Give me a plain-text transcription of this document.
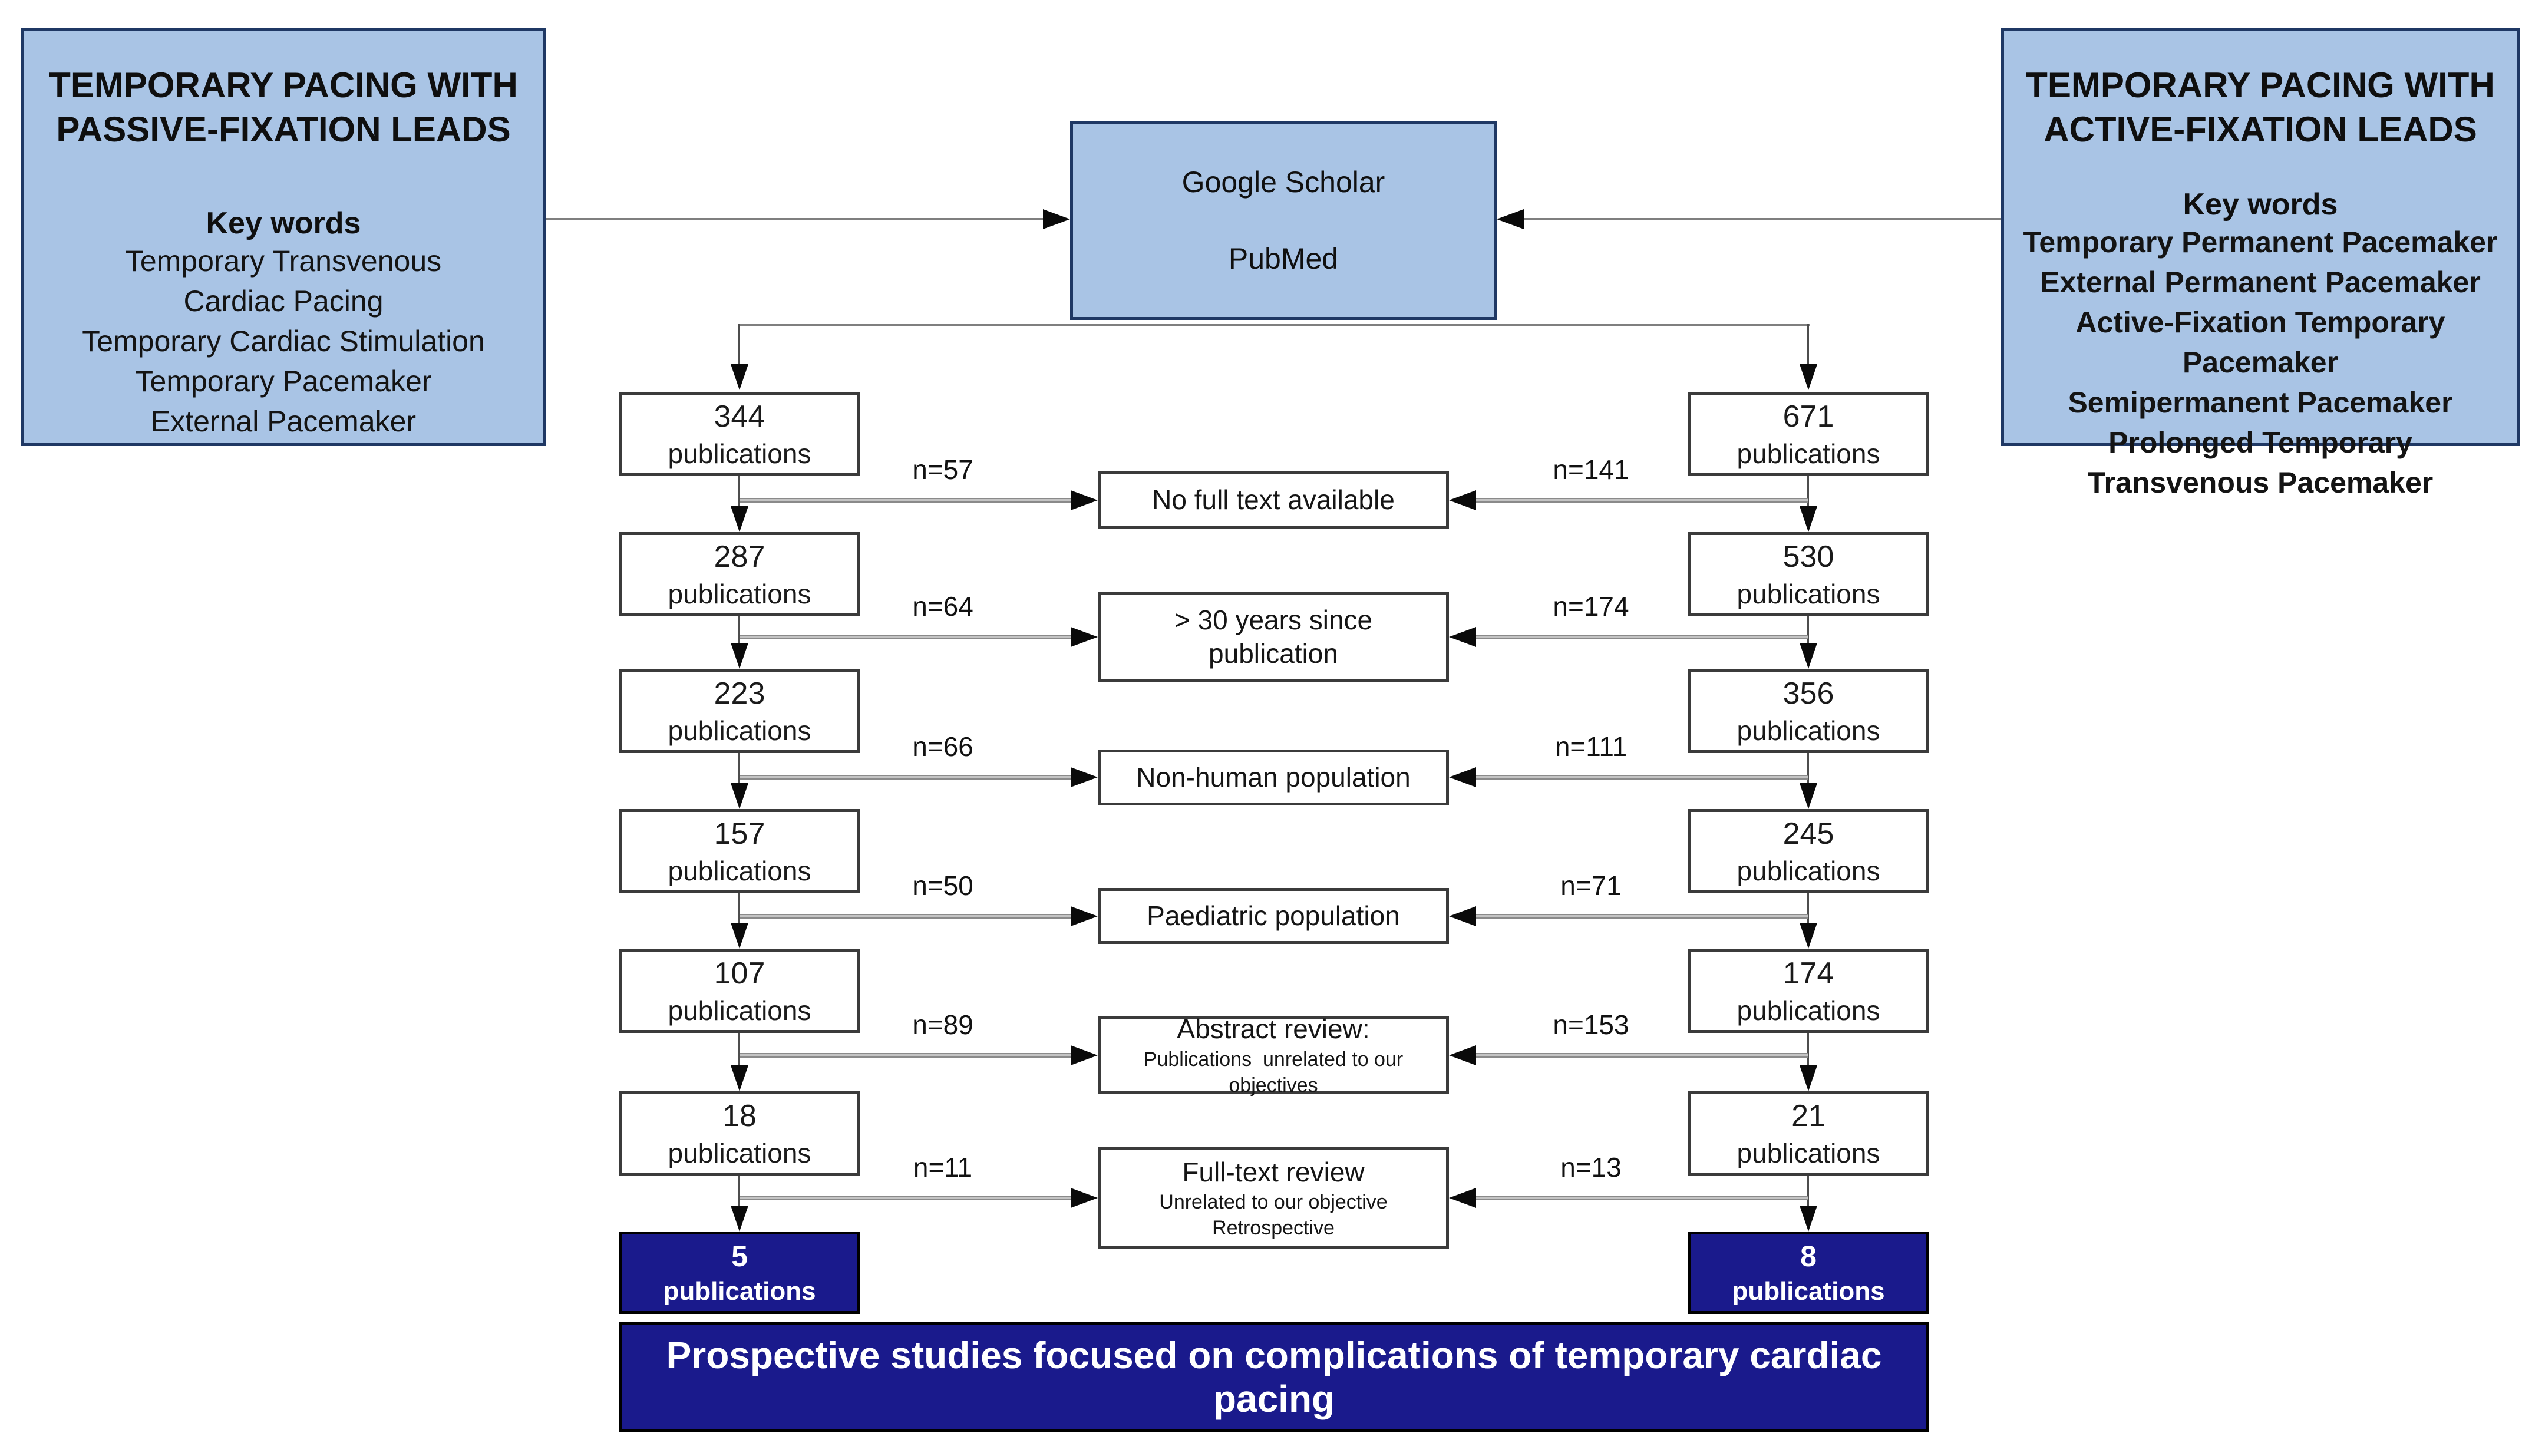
TEMPORARY PACING WITH PASSIVE-FIXATION LEADS
Key words
Temporary Transvenous
Cardiac Pacing
Temporary Cardiac Stimulation
Temporary Pacemaker
External Pacemaker
TEMPORARY PACING WITH ACTIVE-FIXATION LEADS
Key words
Temporary Permanent Pacemaker
External Permanent Pacemaker
Active-Fixation Temporary Pacemaker
Semipermanent Pacemaker
Prolonged Temporary Transvenous Pacemaker
Google Scholar
PubMed
344
publications
287
publications
223
publications
157
publications
107
publications
18
publications
671
publications
530
publications
356
publications
245
publications
174
publications
21
publications
5
publications
8
publications
No full text available
> 30 years since publication
Non-human population
Paediatric population
Abstract review:
Publications  unrelated to our objectives
Full-text review
Unrelated to our objective
Retrospective
n=57	n=141
n=64	n=174
n=66	n=111
n=50	n=71
n=89	n=153
n=11	n=13
Prospective studies focused on complications of temporary cardiac pacing
